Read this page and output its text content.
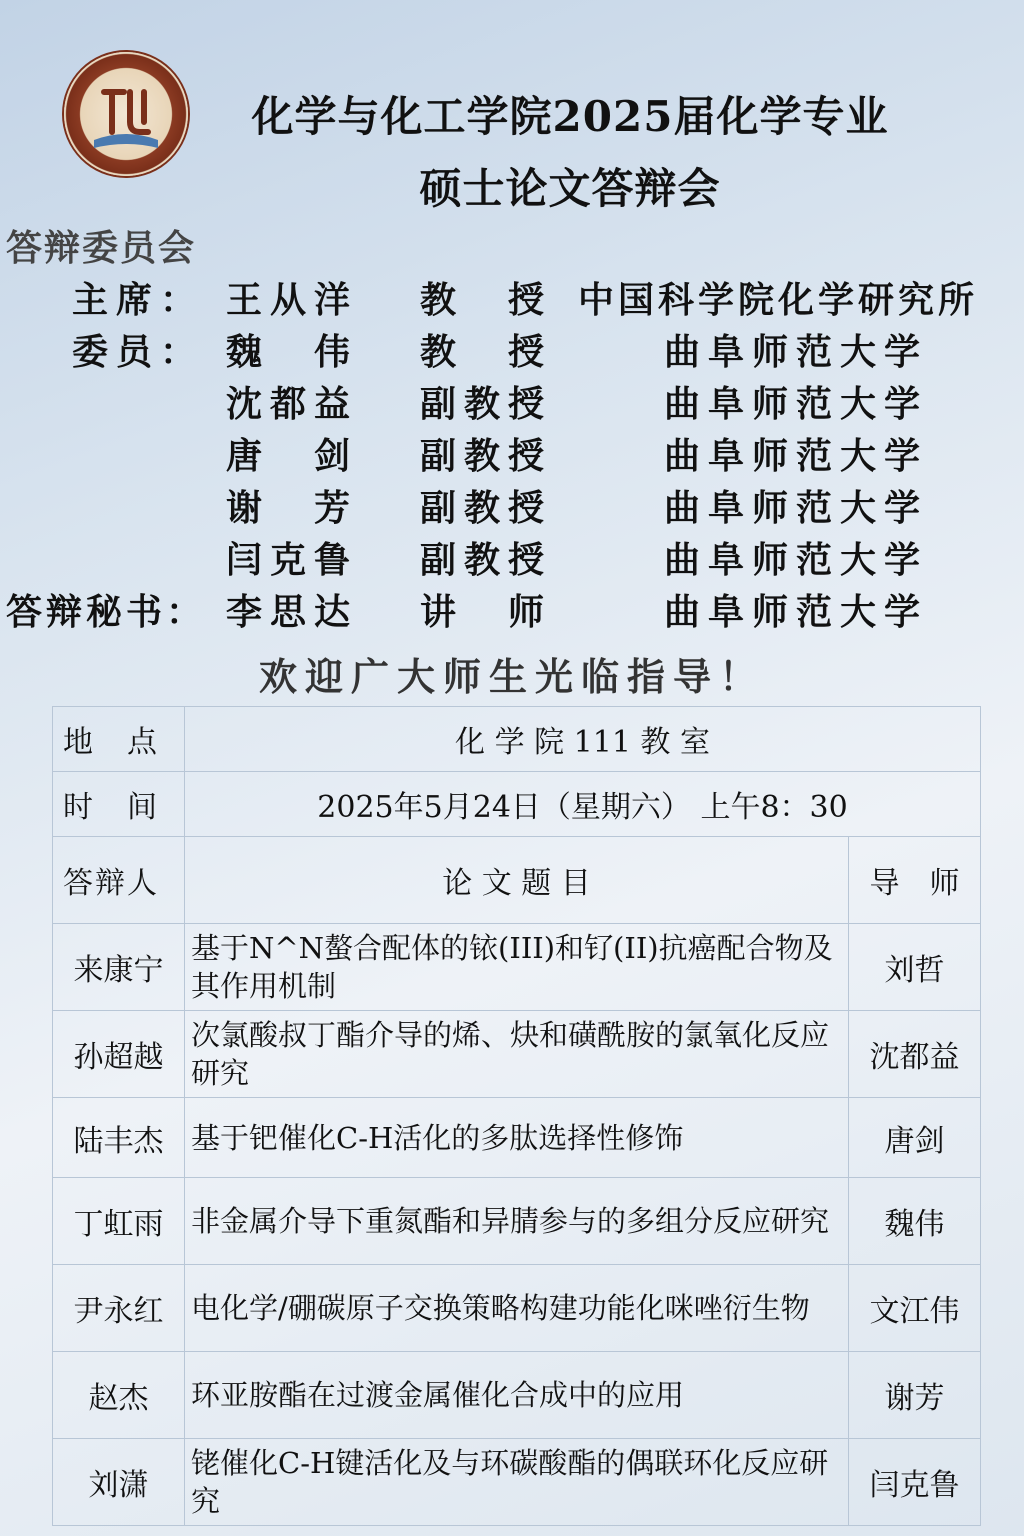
化学与化工学院2025届化学专业
硕士论文答辩会
答辩委员会
主席： 王从洋 教　授 中国科学院化学研究所
委员： 魏　伟 教　授	曲阜师范大学
沈都益 副教授	曲阜师范大学
唐　剑 副教授	曲阜师范大学
谢　芳 副教授	曲阜师范大学
闫克鲁 副教授	曲阜师范大学
答辩秘书： 李思达 讲　师	曲阜师范大学
欢迎广大师生光临指导！
地　点	化 学 院 111 教 室	
时　间	2025年5月24日（星期六） 上午8：30	
答辩人	论 文 题 目	导　师
来康宁	基于N^N螯合配体的铱(III)和钌(II)抗癌配合物及其作用机制	刘哲
孙超越	次氯酸叔丁酯介导的烯、炔和磺酰胺的氯氧化反应研究	沈都益
陆丰杰	基于钯催化C-H活化的多肽选择性修饰	唐剑
丁虹雨	非金属介导下重氮酯和异腈参与的多组分反应研究	魏伟
尹永红	电化学/硼碳原子交换策略构建功能化咪唑衍生物	文江伟
赵杰	环亚胺酯在过渡金属催化合成中的应用	谢芳
刘潇	铑催化C-H键活化及与环碳酸酯的偶联环化反应研究	闫克鲁
